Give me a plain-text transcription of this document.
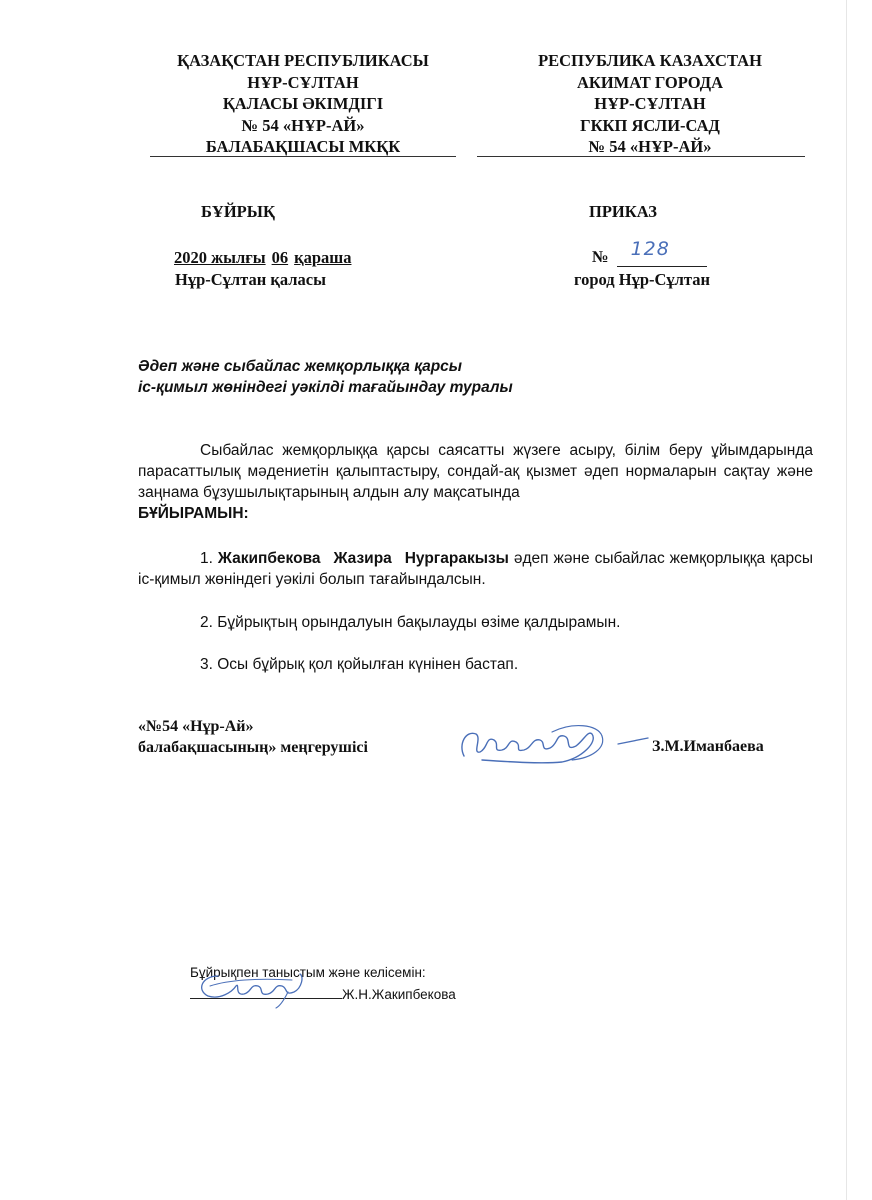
ҚАЗАҚСТАН РЕСПУБЛИКАСЫ
НҰР-СҰЛТАН
ҚАЛАСЫ ӘКІМДІГІ
№ 54 «НҰР-АЙ»
БАЛАБАҚШАСЫ МКҚК
РЕСПУБЛИКА КАЗАХСТАН
АКИМАТ ГОРОДА
НҰР-СҰЛТАН
ГККП ЯСЛИ-САД
№ 54 «НҰР-АЙ»
БҰЙРЫҚ	ПРИКАЗ
2020 жылғы 06 қараша
Нұр-Сұлтан қаласы
№ 128
город Нұр-Сұлтан
Әдеп және сыбайлас жемқорлыққа қарсы
іс-қимыл жөніндегі уәкілді тағайындау туралы
Сыбайлас жемқорлыққа қарсы саясатты жүзеге асыру, білім беру ұйымдарында парасаттылық мәдениетін қалыптастыру, сондай-ақ қызмет әдеп нормаларын сақтау және заңнама бұзушылықтарының алдын алу мақсатында
БҰЙЫРАМЫН:
1. Жакипбекова Жазира Нургаракызы әдеп және сыбайлас жемқорлыққа қарсы іс-қимыл жөніндегі уәкілі болып тағайындалсын.
2. Бұйрықтың орындалуын бақылауды өзіме қалдырамын.
3. Осы бұйрық қол қойылған күнінен бастап.
«№54 «Нұр-Ай»
балабақшасының» меңгерушісі	З.М.Иманбаева
Бұйрықпен таныстым және келісемін:
Ж.Н.Жакипбекова
